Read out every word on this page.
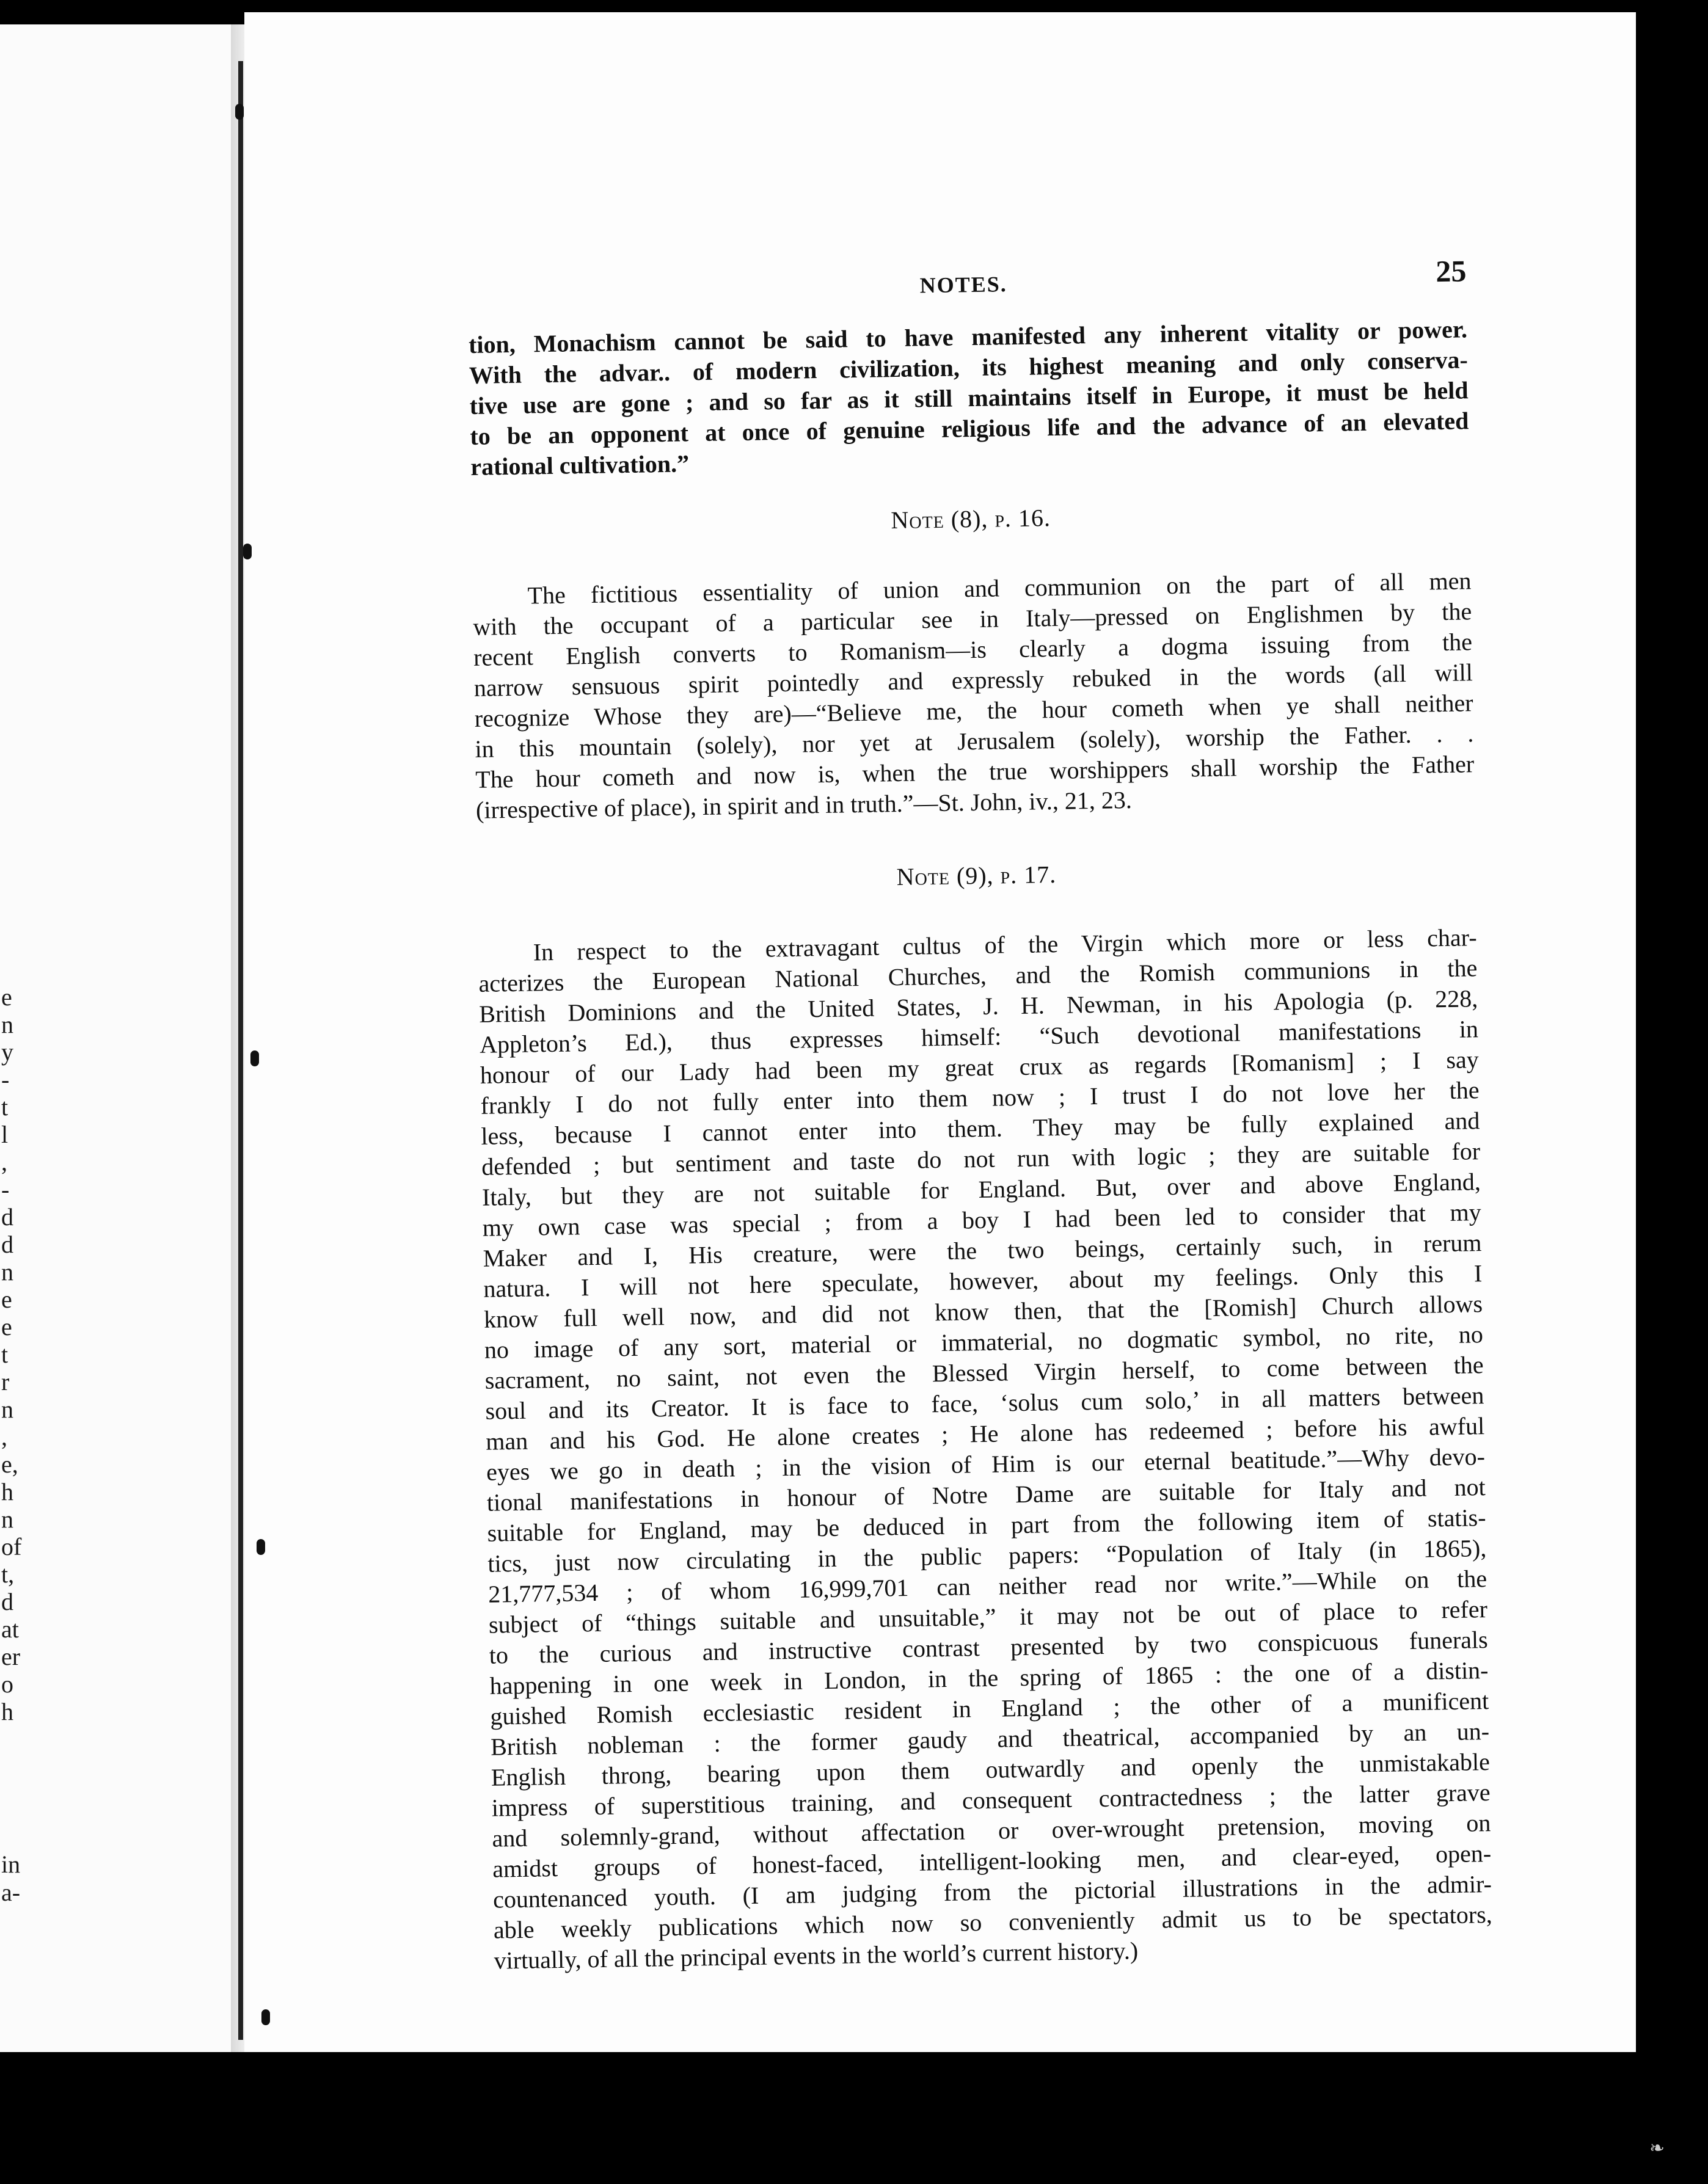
e
n
y
-
t
l
,
-
d
d
n
e
e
t
r
n
,
e,
h
n
of
t,
d
at
er
o
h
in
a-
NOTES.	25
tion, Monachism cannot be said to have manifested any inherent vitality or power.
With the advar.. of modern civilization, its highest meaning and only conserva-
tive use are gone ; and so far as it still maintains itself in Europe, it must be held
to be an opponent at once of genuine religious life and the advance of an elevated
rational cultivation.”
Note (8), p. 16.
The fictitious essentiality of union and communion on the part of all men
with the occupant of a particular see in Italy—pressed on Englishmen by the
recent English converts to Romanism—is clearly a dogma issuing from the
narrow sensuous spirit pointedly and expressly rebuked in the words (all will
recognize Whose they are)—“Believe me, the hour cometh when ye shall neither
in this mountain (solely), nor yet at Jerusalem (solely), worship the Father. . .
The hour cometh and now is, when the true worshippers shall worship the Father
(irrespective of place), in spirit and in truth.”—St. John, iv., 21, 23.
Note (9), p. 17.
In respect to the extravagant cultus of the Virgin which more or less char-
acterizes the European National Churches, and the Romish communions in the
British Dominions and the United States, J. H. Newman, in his Apologia (p. 228,
Appleton’s Ed.), thus expresses himself: “Such devotional manifestations in
honour of our Lady had been my great crux as regards [Romanism] ; I say
frankly I do not fully enter into them now ; I trust I do not love her the
less, because I cannot enter into them. They may be fully explained and
defended ; but sentiment and taste do not run with logic ; they are suitable for
Italy, but they are not suitable for England. But, over and above England,
my own case was special ; from a boy I had been led to consider that my
Maker and I, His creature, were the two beings, certainly such, in rerum
natura. I will not here speculate, however, about my feelings. Only this I
know full well now, and did not know then, that the [Romish] Church allows
no image of any sort, material or immaterial, no dogmatic symbol, no rite, no
sacrament, no saint, not even the Blessed Virgin herself, to come between the
soul and its Creator. It is face to face, ‘solus cum solo,’ in all matters between
man and his God. He alone creates ; He alone has redeemed ; before his awful
eyes we go in death ; in the vision of Him is our eternal beatitude.”—Why devo-
tional manifestations in honour of Notre Dame are suitable for Italy and not
suitable for England, may be deduced in part from the following item of statis-
tics, just now circulating in the public papers: “Population of Italy (in 1865),
21,777,534 ; of whom 16,999,701 can neither read nor write.”—While on the
subject of “things suitable and unsuitable,” it may not be out of place to refer
to the curious and instructive contrast presented by two conspicuous funerals
happening in one week in London, in the spring of 1865 : the one of a distin-
guished Romish ecclesiastic resident in England ; the other of a munificent
British nobleman : the former gaudy and theatrical, accompanied by an un-
English throng, bearing upon them outwardly and openly the unmistakable
impress of superstitious training, and consequent contractedness ; the latter grave
and solemnly-grand, without affectation or over-wrought pretension, moving on
amidst groups of honest-faced, intelligent-looking men, and clear-eyed, open-
countenanced youth. (I am judging from the pictorial illustrations in the admir-
able weekly publications which now so conveniently admit us to be spectators,
virtually, of all the principal events in the world’s current history.)
❧
